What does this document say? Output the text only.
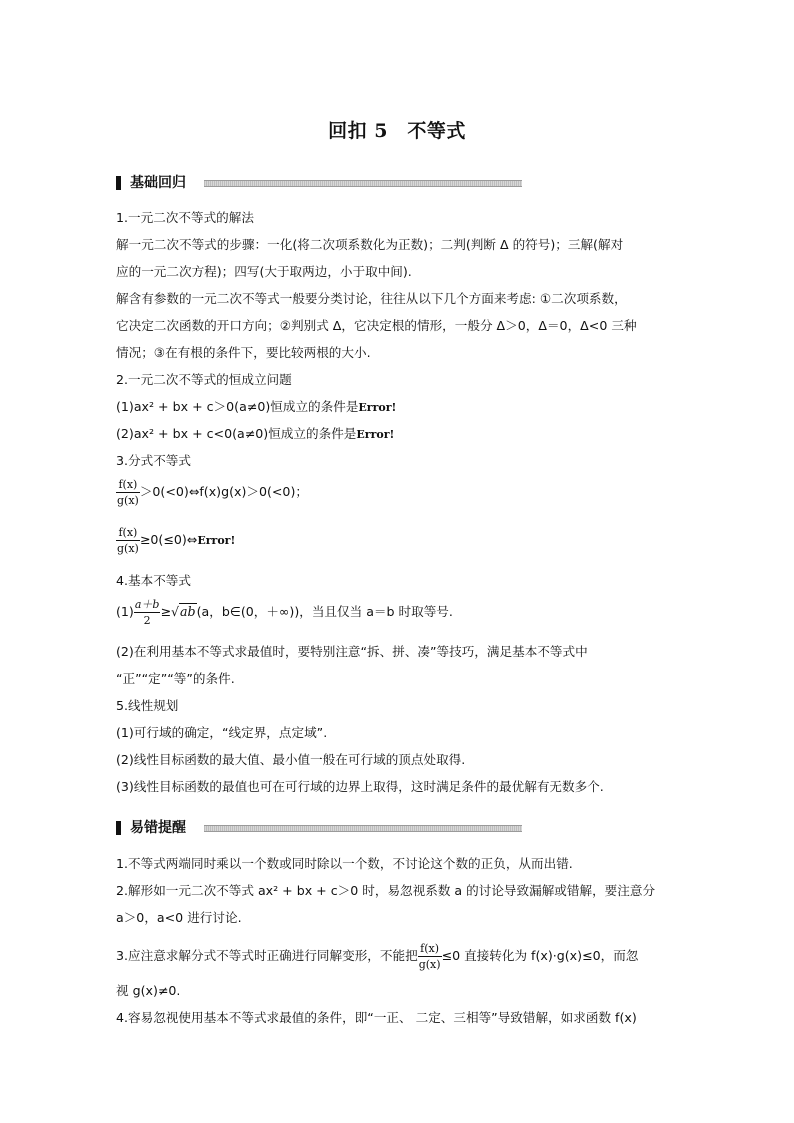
回扣 5　不等式
基础回归
1.一元二次不等式的解法
解一元二次不等式的步骤：一化(将二次项系数化为正数)；二判(判断 Δ 的符号)；三解(解对
应的一元二次方程)；四写(大于取两边，小于取中间).
解含有参数的一元二次不等式一般要分类讨论，往往从以下几个方面来考虑: ①二次项系数，
它决定二次函数的开口方向；②判别式 Δ，它决定根的情形，一般分 Δ＞0，Δ＝0，Δ<0 三种
情况；③在有根的条件下，要比较两根的大小.
2.一元二次不等式的恒成立问题
(1)ax² + bx + c＞0(a≠0)恒成立的条件是Error!
(2)ax² + bx + c<0(a≠0)恒成立的条件是Error!
3.分式不等式
$\frac{f(x)}{g(x)}$ ＞0(<0)⇔f(x)g(x)＞0(<0)；
$\frac{f(x)}{g(x)}$ ≥0(≤0)⇔Error!
4.基本不等式
$(1) \frac{a+b}{2} \ge√ab(a$，b∈(0，＋∞))，当且仅当 a＝b 时取等号.
(2)在利用基本不等式求最值时，要特别注意“拆、拼、凑”等技巧，满足基本不等式中
“正”“定”“等”的条件.
5.线性规划
(1)可行域的确定，“线定界，点定域”.
(2)线性目标函数的最大值、最小值一般在可行域的顶点处取得.
(3)线性目标函数的最值也可在可行域的边界上取得，这时满足条件的最优解有无数多个.
易错提醒
1.不等式两端同时乘以一个数或同时除以一个数，不讨论这个数的正负，从而出错.
2.解形如一元二次不等式 ax² + bx + c＞0 时，易忽视系数 a 的讨论导致漏解或错解，要注意分
a＞0，a<0 进行讨论.
3.应注意求解分式不等式时正确进行同解变形，不能把 $\frac{f(x)}{g(x)} \le 0$ 直接转化为 f(x)·g(x)≤0，而忽
视 g(x)≠0.
4.容易忽视使用基本不等式求最值的条件，即“一正、 二定、三相等”导致错解，如求函数 f(x)
